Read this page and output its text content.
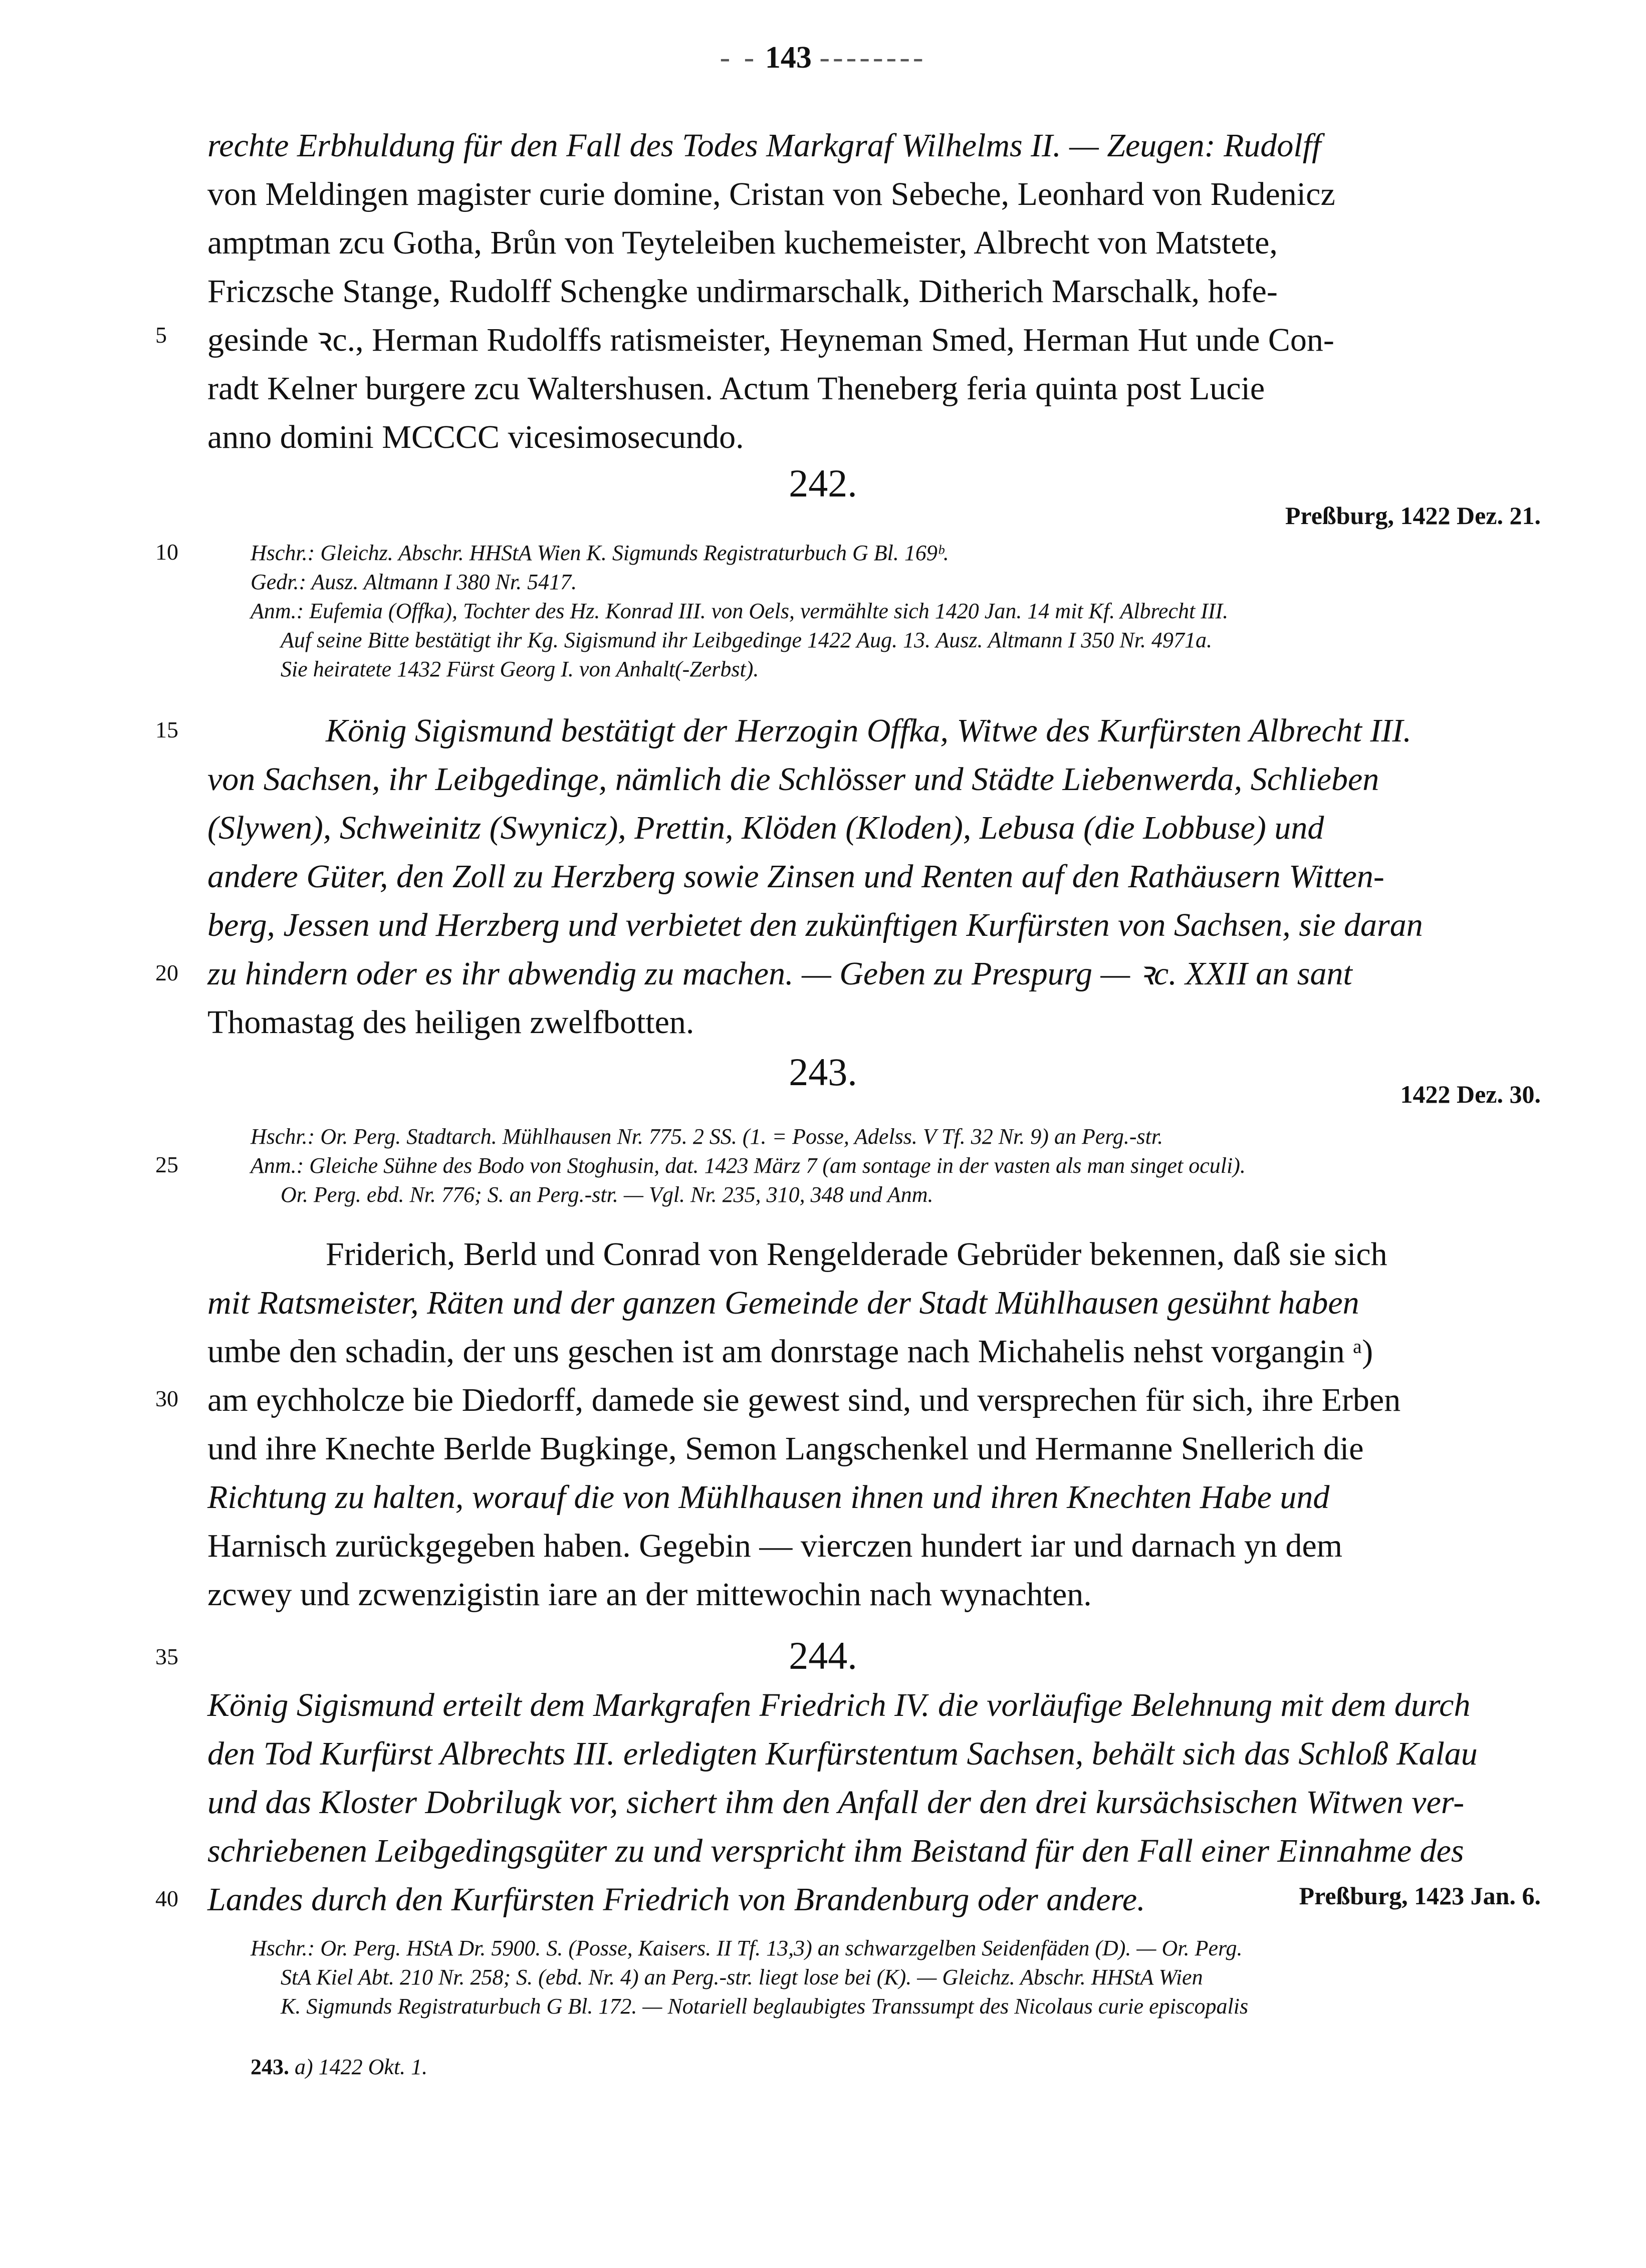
- - 143 --------
rechte Erbhuldung für den Fall des Todes Markgraf Wilhelms II. — Zeugen: Rudolff
von Meldingen magister curie domine, Cristan von Sebeche, Leonhard von Rudenicz
amptman zcu Gotha, Brůn von Teyteleiben kuchemeister, Albrecht von Matstete,
Friczsche Stange, Rudolff Schengke undirmarschalk, Ditherich Marschalk, hofe-
gesinde ꝛc., Herman Rudolffs ratismeister, Heyneman Smed, Herman Hut unde Con-
radt Kelner burgere zcu Waltershusen. Actum Theneberg feria quinta post Lucie
anno domini MCCCC vicesimosecundo.
242.
Preßburg, 1422 Dez. 21.
Hschr.: Gleichz. Abschr. HHStA Wien K. Sigmunds Registraturbuch G Bl. 169ᵇ.
Gedr.: Ausz. Altmann I 380 Nr. 5417.
Anm.: Eufemia (Offka), Tochter des Hz. Konrad III. von Oels, vermählte sich 1420 Jan. 14 mit Kf. Albrecht III.
Auf seine Bitte bestätigt ihr Kg. Sigismund ihr Leibgedinge 1422 Aug. 13. Ausz. Altmann I 350 Nr. 4971a.
Sie heiratete 1432 Fürst Georg I. von Anhalt(-Zerbst).
König Sigismund bestätigt der Herzogin Offka, Witwe des Kurfürsten Albrecht III.
von Sachsen, ihr Leibgedinge, nämlich die Schlösser und Städte Liebenwerda, Schlieben
(Slywen), Schweinitz (Swynicz), Prettin, Klöden (Kloden), Lebusa (die Lobbuse) und
andere Güter, den Zoll zu Herzberg sowie Zinsen und Renten auf den Rathäusern Witten-
berg, Jessen und Herzberg und verbietet den zukünftigen Kurfürsten von Sachsen, sie daran
zu hindern oder es ihr abwendig zu machen. — Geben zu Prespurg — ꝛc. XXII an sant
Thomastag des heiligen zwelfbotten.
243.
1422 Dez. 30.
Hschr.: Or. Perg. Stadtarch. Mühlhausen Nr. 775. 2 SS. (1. = Posse, Adelss. V Tf. 32 Nr. 9) an Perg.-str.
Anm.: Gleiche Sühne des Bodo von Stoghusin, dat. 1423 März 7 (am sontage in der vasten als man singet oculi).
Or. Perg. ebd. Nr. 776; S. an Perg.-str. — Vgl. Nr. 235, 310, 348 und Anm.
Friderich, Berld und Conrad von Rengelderade Gebrüder bekennen, daß sie sich
mit Ratsmeister, Räten und der ganzen Gemeinde der Stadt Mühlhausen gesühnt haben
umbe den schadin, der uns geschen ist am donrstage nach Michahelis nehst vorgangin ᵃ)
am eychholcze bie Diedorff, damede sie gewest sind, und versprechen für sich, ihre Erben
und ihre Knechte Berlde Bugkinge, Semon Langschenkel und Hermanne Snellerich die
Richtung zu halten, worauf die von Mühlhausen ihnen und ihren Knechten Habe und
Harnisch zurückgegeben haben. Gegebin — vierczen hundert iar und darnach yn dem
zcwey und zcwenzigistin iare an der mittewochin nach wynachten.
244.
König Sigismund erteilt dem Markgrafen Friedrich IV. die vorläufige Belehnung mit dem durch
den Tod Kurfürst Albrechts III. erledigten Kurfürstentum Sachsen, behält sich das Schloß Kalau
und das Kloster Dobrilugk vor, sichert ihm den Anfall der den drei kursächsischen Witwen ver-
schriebenen Leibgedingsgüter zu und verspricht ihm Beistand für den Fall einer Einnahme des
Landes durch den Kurfürsten Friedrich von Brandenburg oder andere.	Preßburg, 1423 Jan. 6.
Hschr.: Or. Perg. HStA Dr. 5900. S. (Posse, Kaisers. II Tf. 13,3) an schwarzgelben Seidenfäden (D). — Or. Perg.
StA Kiel Abt. 210 Nr. 258; S. (ebd. Nr. 4) an Perg.-str. liegt lose bei (K). — Gleichz. Abschr. HHStA Wien
K. Sigmunds Registraturbuch G Bl. 172. — Notariell beglaubigtes Transsumpt des Nicolaus curie episcopalis
243. a) 1422 Okt. 1.
5
10
15
20
25
30
35
40
